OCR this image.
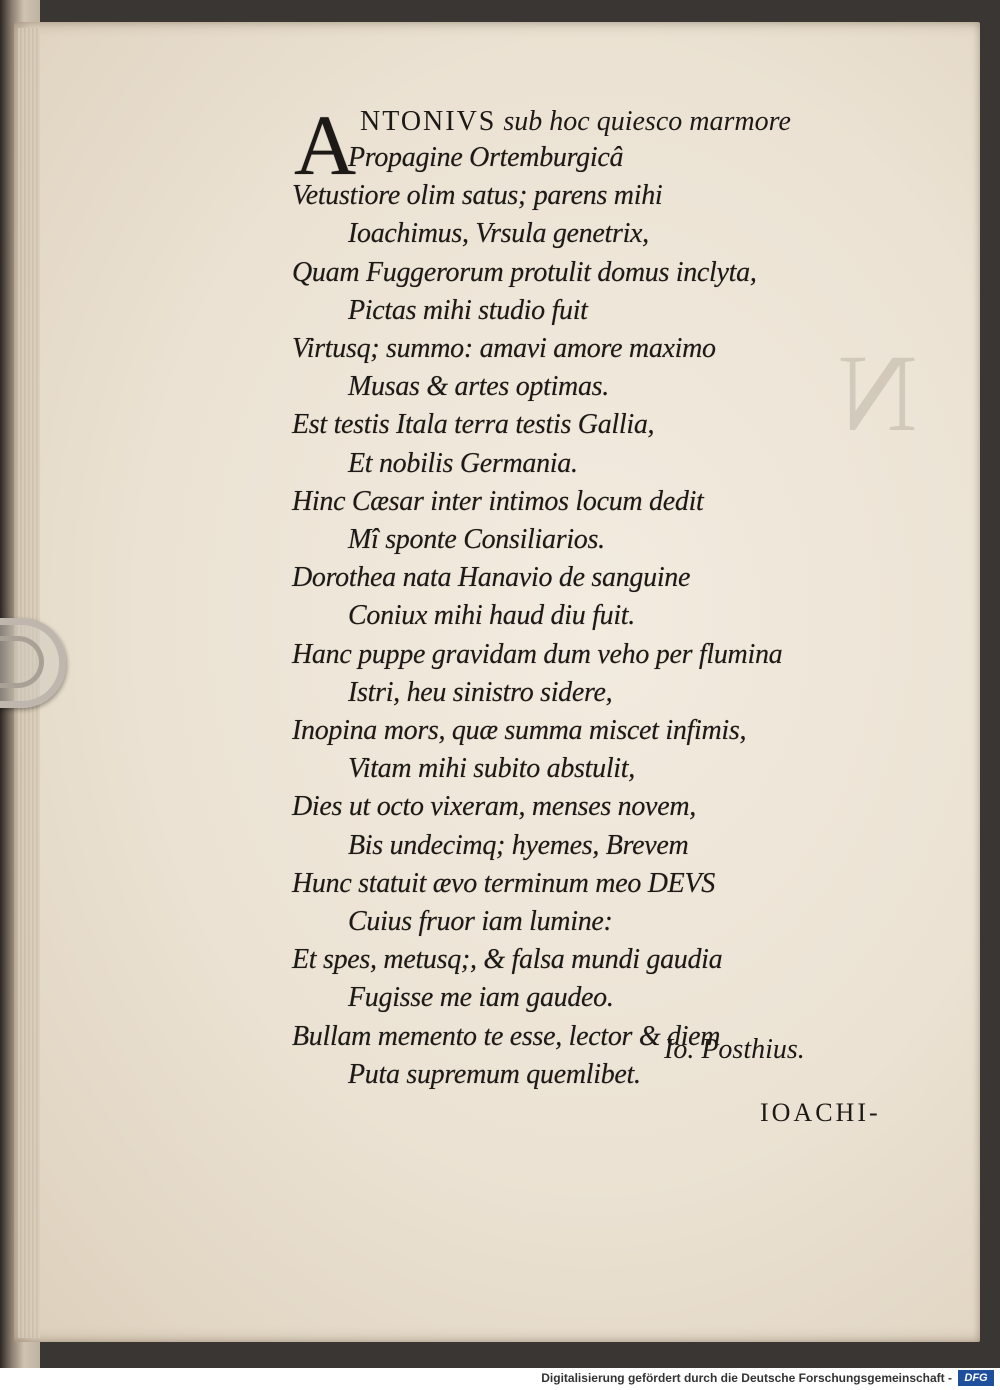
N
A NTONIVS sub hoc quiesco marmore
Propagine Ortemburgicâ
Vetustiore olim satus; parens mihi
Ioachimus, Vrsula genetrix,
Quam Fuggerorum protulit domus inclyta,
Pictas mihi studio fuit
Virtusq; summo: amavi amore maximo
Musas & artes optimas.
Est testis Itala terra testis Gallia,
Et nobilis Germania.
Hinc Cæsar inter intimos locum dedit
Mî sponte Consiliarios.
Dorothea nata Hanavio de sanguine
Coniux mihi haud diu fuit.
Hanc puppe gravidam dum veho per flumina
Istri, heu sinistro sidere,
Inopina mors, quæ summa miscet infimis,
Vitam mihi subito abstulit,
Dies ut octo vixeram, menses novem,
Bis undecimq; hyemes, Brevem
Hunc statuit ævo terminum meo DEVS
Cuius fruor iam lumine:
Et spes, metusq;, & falsa mundi gaudia
Fugisse me iam gaudeo.
Bullam memento te esse, lector & diem
Puta supremum quemlibet.
Io. Posthius.
IOACHI-
Digitalisierung gefördert durch die Deutsche Forschungsgemeinschaft -	DFG
